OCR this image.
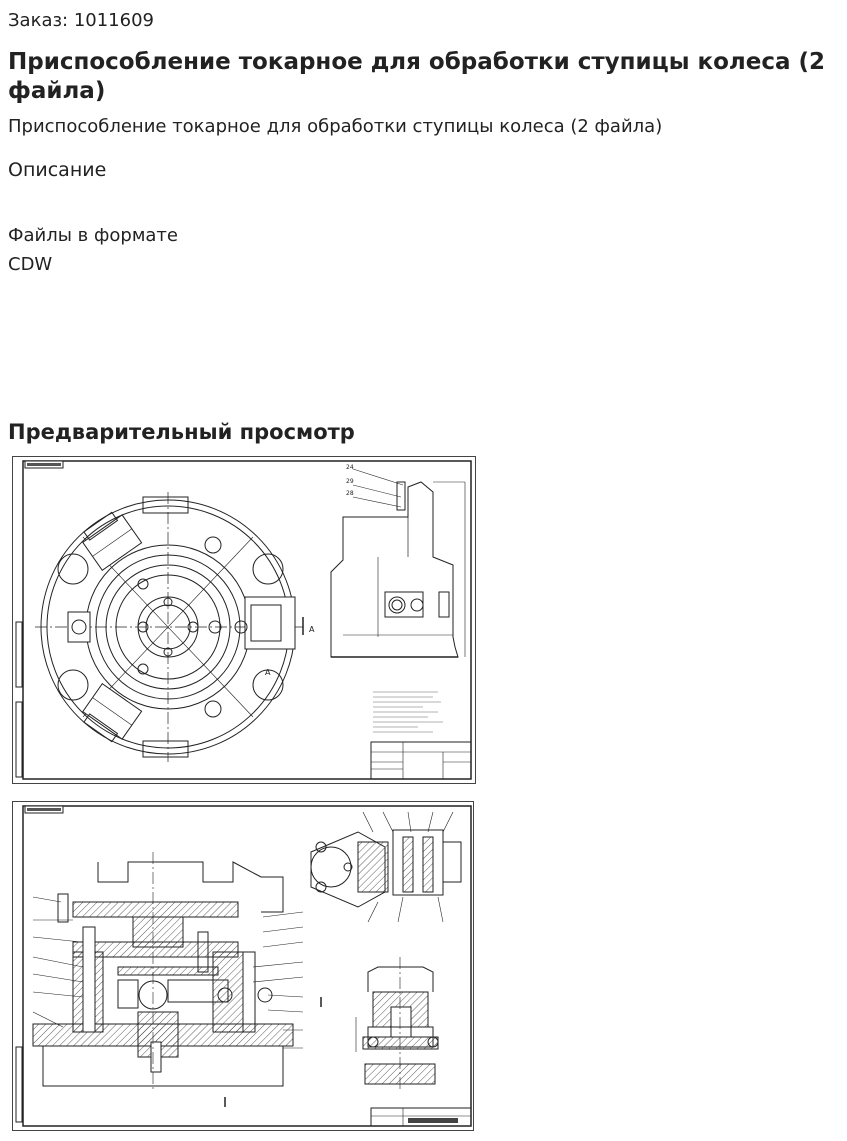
Заказ: 1011609
Приспособление токарное для обработки ступицы колеса (2 файла)
Приспособление токарное для обработки ступицы колеса (2 файла)
Описание
Файлы в формате CDW
Предварительный просмотр
А
А
24
29
28
